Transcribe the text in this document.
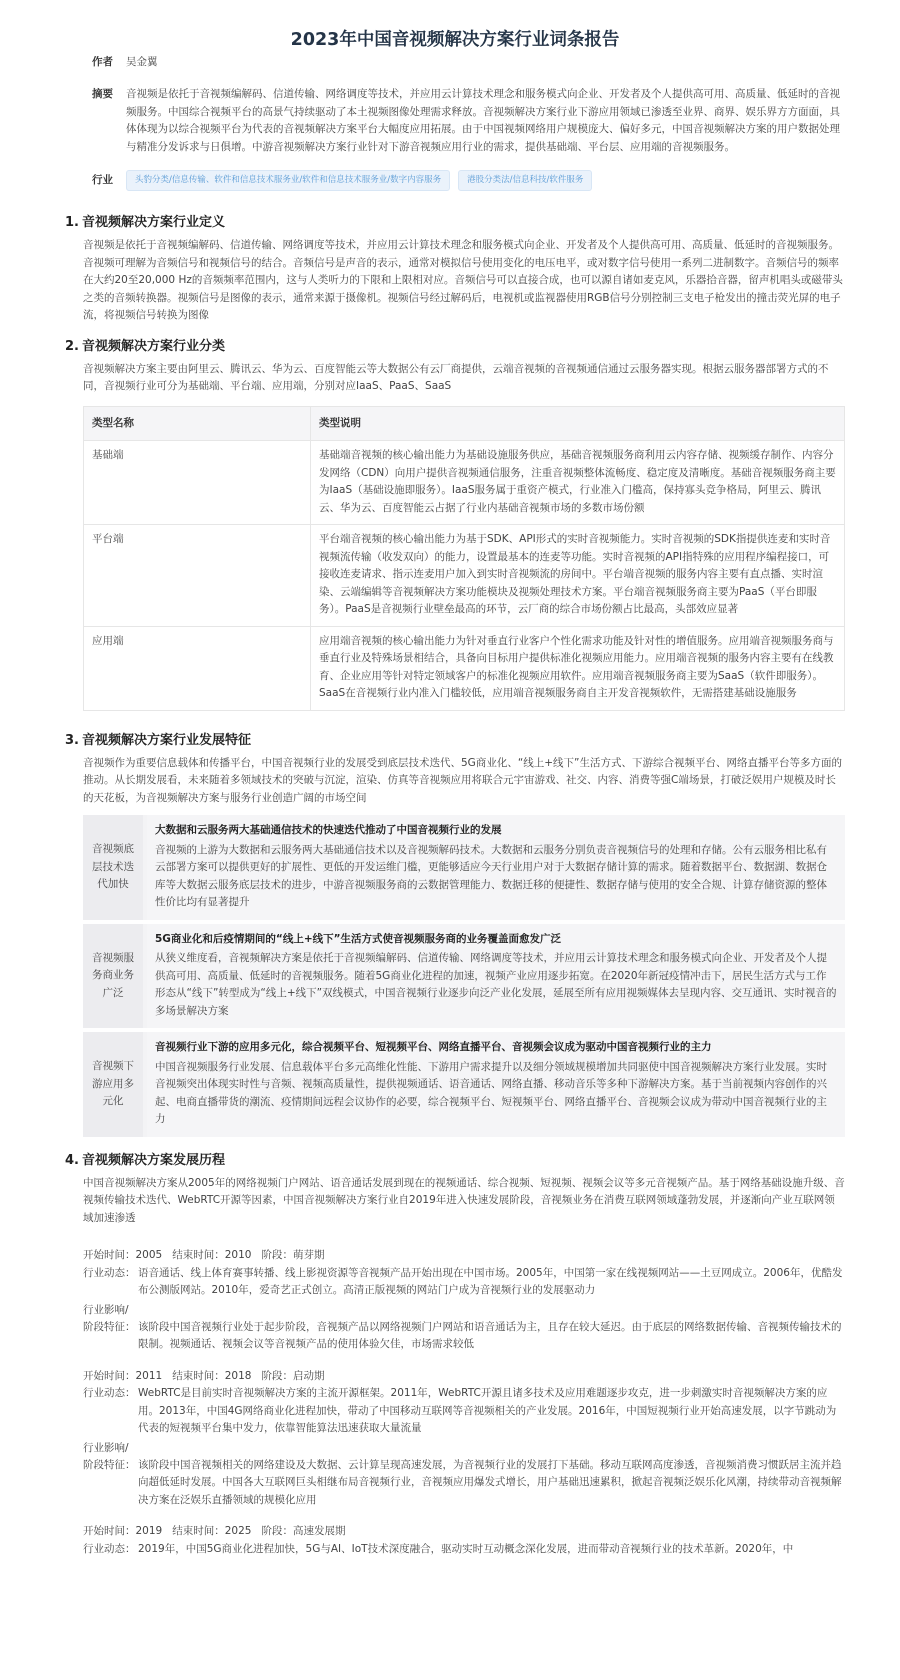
2023年中国音视频解决方案行业词条报告
作者	吴金翼
摘要	音视频是依托于音视频编解码、信道传输、网络调度等技术，并应用云计算技术理念和服务模式向企业、开发者及个人提供高可用、高质量、低延时的音视频服务。中国综合视频平台的高景气持续驱动了本土视频图像处理需求释放。音视频解决方案行业下游应用领域已渗透至业界、商界、娱乐界方方面面，具体体现为以综合视频平台为代表的音视频解决方案平台大幅度应用拓展。由于中国视频网络用户规模庞大、偏好多元，中国音视频解决方案的用户数据处理与精准分发诉求与日俱增。中游音视频解决方案行业针对下游音视频应用行业的需求，提供基础端、平台层、应用端的音视频服务。
行业	头豹分类/信息传输、软件和信息技术服务业/软件和信息技术服务业/数字内容服务	港股分类法/信息科技/软件服务
1. 音视频解决方案行业定义
音视频是依托于音视频编解码、信道传输、网络调度等技术，并应用云计算技术理念和服务模式向企业、开发者及个人提供高可用、高质量、低延时的音视频服务。音视频可理解为音频信号和视频信号的结合。音频信号是声音的表示，通常对模拟信号使用变化的电压电平，或对数字信号使用一系列二进制数字。音频信号的频率在大约20至20,000 Hz的音频频率范围内，这与人类听力的下限和上限相对应。音频信号可以直接合成，也可以源自诸如麦克风，乐器拾音器，留声机唱头或磁带头之类的音频转换器。视频信号是图像的表示，通常来源于摄像机。视频信号经过解码后，电视机或监视器使用RGB信号分别控制三支电子枪发出的撞击荧光屏的电子流，将视频信号转换为图像
2. 音视频解决方案行业分类
音视频解决方案主要由阿里云、腾讯云、华为云、百度智能云等大数据公有云厂商提供，云端音视频的音视频通信通过云服务器实现。根据云服务器部署方式的不同，音视频行业可分为基础端、平台端、应用端，分别对应IaaS、PaaS、SaaS
类型名称	类型说明
基础端	基础端音视频的核心输出能力为基础设施服务供应，基础音视频服务商利用云内容存储、视频缓存制作、内容分发网络（CDN）向用户提供音视频通信服务，注重音视频整体流畅度、稳定度及清晰度。基础音视频服务商主要为IaaS（基础设施即服务）。IaaS服务属于重资产模式，行业准入门槛高，保持寡头竞争格局，阿里云、腾讯云、华为云、百度智能云占据了行业内基础音视频市场的多数市场份额
平台端	平台端音视频的核心输出能力为基于SDK、API形式的实时音视频能力。实时音视频的SDK指提供连麦和实时音视频流传输（收发双向）的能力，设置最基本的连麦等功能。实时音视频的API指特殊的应用程序编程接口，可接收连麦请求、指示连麦用户加入到实时音视频流的房间中。平台端音视频的服务内容主要有直点播、实时渲染、云端编辑等音视频解决方案功能模块及视频处理技术方案。平台端音视频服务商主要为PaaS（平台即服务）。PaaS是音视频行业壁垒最高的环节，云厂商的综合市场份额占比最高，头部效应显著
应用端	应用端音视频的核心输出能力为针对垂直行业客户个性化需求功能及针对性的增值服务。应用端音视频服务商与垂直行业及特殊场景相结合，具备向目标用户提供标准化视频应用能力。应用端音视频的服务内容主要有在线教育、企业应用等针对特定领域客户的标准化视频应用软件。应用端音视频服务商主要为SaaS（软件即服务）。SaaS在音视频行业内准入门槛较低，应用端音视频服务商自主开发音视频软件，无需搭建基础设施服务
3. 音视频解决方案行业发展特征
音视频作为重要信息载体和传播平台，中国音视频行业的发展受到底层技术迭代、5G商业化、“线上+线下”生活方式、下游综合视频平台、网络直播平台等多方面的推动。从长期发展看，未来随着多领域技术的突破与沉淀，渲染、仿真等音视频应用将联合元宇宙游戏、社交、内容、消费等强C端场景，打破泛娱用户规模及时长的天花板，为音视频解决方案与服务行业创造广阔的市场空间
音视频底层技术迭代加快
大数据和云服务两大基础通信技术的快速迭代推动了中国音视频行业的发展
音视频的上游为大数据和云服务两大基础通信技术以及音视频解码技术。大数据和云服务分别负责音视频信号的处理和存储。公有云服务相比私有云部署方案可以提供更好的扩展性、更低的开发运维门槛，更能够适应今天行业用户对于大数据存储计算的需求。随着数据平台、数据湖、数据仓库等大数据云服务底层技术的进步，中游音视频服务商的云数据管理能力、数据迁移的便捷性、数据存储与使用的安全合规、计算存储资源的整体性价比均有显著提升
音视频服务商业务广泛
5G商业化和后疫情期间的“线上+线下”生活方式使音视频服务商的业务覆盖面愈发广泛
从狭义维度看，音视频解决方案是依托于音视频编解码、信道传输、网络调度等技术，并应用云计算技术理念和服务模式向企业、开发者及个人提供高可用、高质量、低延时的音视频服务。随着5G商业化进程的加速，视频产业应用逐步拓宽。在2020年新冠疫情冲击下，居民生活方式与工作形态从“线下”转型成为“线上+线下”双线模式，中国音视频行业逐步向泛产业化发展，延展至所有应用视频媒体去呈现内容、交互通讯、实时视音的多场景解决方案
音视频下游应用多元化
音视频行业下游的应用多元化，综合视频平台、短视频平台、网络直播平台、音视频会议成为驱动中国音视频行业的主力
中国音视频服务行业发展、信息载体平台多元高维化性能、下游用户需求提升以及细分领域规模增加共同驱使中国音视频解决方案行业发展。实时音视频突出体现实时性与音频、视频高质量性，提供视频通话、语音通话、网络直播、移动音乐等多种下游解决方案。基于当前视频内容创作的兴起、电商直播带货的潮流、疫情期间远程会议协作的必要，综合视频平台、短视频平台、网络直播平台、音视频会议成为带动中国音视频行业的主力
4. 音视频解决方案发展历程
中国音视频解决方案从2005年的网络视频门户网站、语音通话发展到现在的视频通话、综合视频、短视频、视频会议等多元音视频产品。基于网络基础设施升级、音视频传输技术迭代、WebRTC开源等因素，中国音视频解决方案行业自2019年进入快速发展阶段，音视频业务在消费互联网领域蓬勃发展，并逐渐向产业互联网领域加速渗透
开始时间：2005 结束时间：2010 阶段：萌芽期
行业动态： 语音通话、线上体育赛事转播、线上影视资源等音视频产品开始出现在中国市场。2005年，中国第一家在线视频网站——土豆网成立。2006年，优酷发布公测版网站。2010年，爱奇艺正式创立。高清正版视频的网站门户成为音视频行业的发展驱动力
行业影响/
阶段特征： 该阶段中国音视频行业处于起步阶段，音视频产品以网络视频门户网站和语音通话为主，且存在较大延迟。由于底层的网络数据传输、音视频传输技术的限制。视频通话、视频会议等音视频产品的使用体验欠佳，市场需求较低
开始时间：2011 结束时间：2018 阶段：启动期
行业动态： WebRTC是目前实时音视频解决方案的主流开源框架。2011年，WebRTC开源且诸多技术及应用难题逐步攻克，进一步刺激实时音视频解决方案的应用。2013年，中国4G网络商业化进程加快，带动了中国移动互联网等音视频相关的产业发展。2016年，中国短视频行业开始高速发展，以字节跳动为代表的短视频平台集中发力，依靠智能算法迅速获取大量流量
行业影响/
阶段特征： 该阶段中国音视频相关的网络建设及大数据、云计算呈现高速发展，为音视频行业的发展打下基础。移动互联网高度渗透，音视频消费习惯跃居主流并趋向超低延时发展。中国各大互联网巨头相继布局音视频行业，音视频应用爆发式增长，用户基础迅速累积，掀起音视频泛娱乐化风潮，持续带动音视频解决方案在泛娱乐直播领域的规模化应用
开始时间：2019 结束时间：2025 阶段：高速发展期
行业动态： 2019年，中国5G商业化进程加快，5G与AI、IoT技术深度融合，驱动实时互动概念深化发展，进而带动音视频行业的技术革新。2020年，中
